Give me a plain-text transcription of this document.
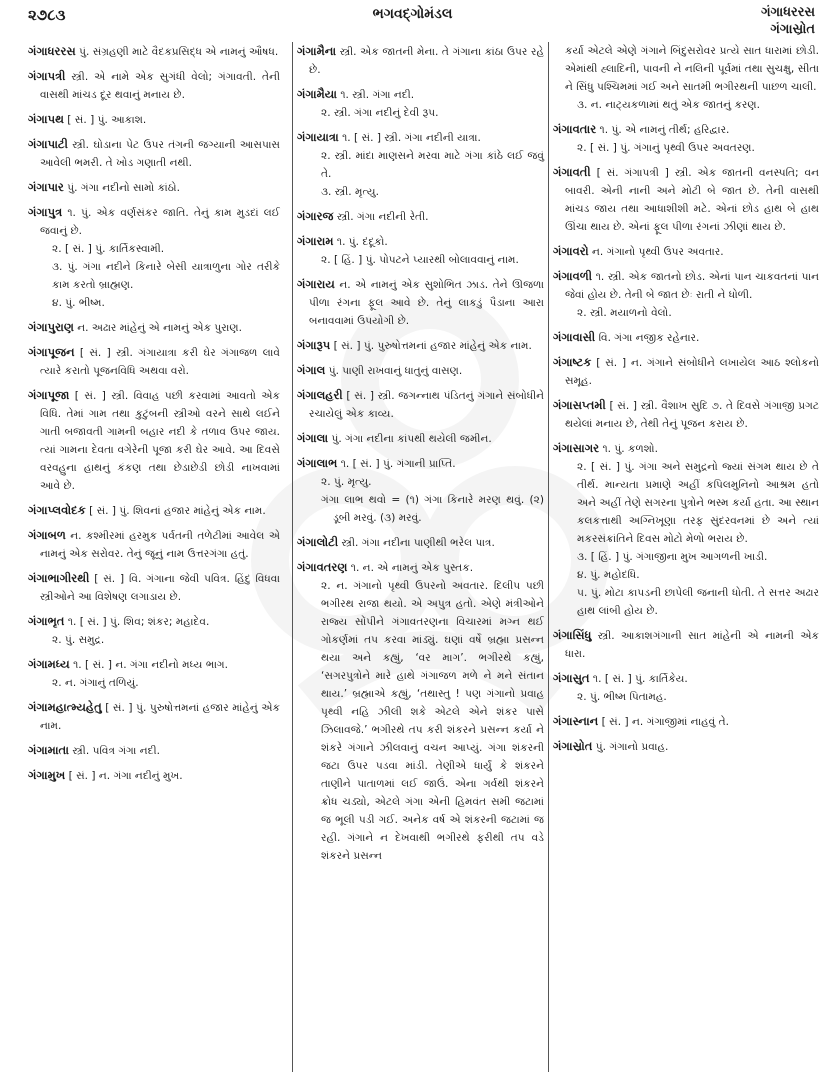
૨૭૮૩	ભગવદ્ગોમંડલ	ગંગાધરરસ
ગંગાસ્રોત
ગંગાધરરસ પું. સંગ્રહણી માટે વૈદકપ્રસિદ્ધ એ નામનું ઔષધ.
ગંગાપત્રી સ્ત્રી. એ નામે એક સુગંધી વેલો; ગંગાવતી. તેની વાસથી માંચડ દૂર થવાનું મનાય છે.
ગંગાપથ [ સં. ] પું. આકાશ.
ગંગાપાટી સ્ત્રી. ઘોડાના પેટ ઉપર તંગની જગ્યાની આસપાસ આવેલી ભમરી. તે ખોડ ગણાતી નથી.
ગંગાપાર પું. ગંગા નદીનો સામો કાંઠો.
ગંગાપુત્ર ૧. પું. એક વર્ણસંકર જાતિ. તેનું કામ મુડદાં લઈ જવાનું છે.
૨. [ સં. ] પું. કાર્તિકસ્વામી.
૩. પું. ગંગા નદીને કિનારે બેસી યાત્રાળુના ગોર તરીકે કામ કરતો બ્રાહ્મણ.
૪. પું. ભીષ્મ.
ગંગાપુરાણ ન. અઢાર માંહેનું એ નામનું એક પુરાણ.
ગંગાપૂજન [ સં. ] સ્ત્રી. ગંગાયાત્રા કરી ઘેર ગંગાજળ લાવે ત્યારે કરાતો પૂજનવિધિ અથવા વરો.
ગંગાપૂજા [ સં. ] સ્ત્રી. વિવાહ પછી કરવામાં આવતો એક વિધિ. તેમાં ગામ તથા કુટુંબની સ્ત્રીઓ વરને સાથે લઈને ગાતી બજાવતી ગામની બહાર નદી કે તળાવ ઉપર જાય. ત્યાં ગામના દેવતા વગેરેની પૂજા કરી ઘેર આવે. આ દિવસે વરવહુના હાથનું કંકણ તથા છેડાછેડી છોડી નાખવામાં આવે છે.
ગંગાપ્લવોદક [ સં. ] પું. શિવનાં હજાર માંહેનું એક નામ.
ગંગાબળ ન. કશ્મીરમાં હરમુક પર્વતની તળેટીમાં આવેલ એ નામનું એક સરોવર. તેનું જૂનું નામ ઉત્તરગંગા હતું.
ગંગાભાગીરથી [ સં. ] વિ. ગંગાના જેવી પવિત્ર. હિંદુ વિધવા સ્ત્રીઓને આ વિશેષણ લગાડાય છે.
ગંગાભૃત ૧. [ સં. ] પું. શિવ; શંકર; મહાદેવ.
૨. પું. સમુદ્ર.
ગંગામધ્ય ૧. [ સં. ] ન. ગંગા નદીનો મધ્ય ભાગ.
૨. ન. ગંગાનું તળિયું.
ગંગામહાત્મ્યહેતુ [ સં. ] પું. પુરુષોત્તમનાં હજાર માંહેનું એક નામ.
ગંગામાતા સ્ત્રી. પવિત્ર ગંગા નદી.
ગંગામુખ [ સં. ] ન. ગંગા નદીનું મુખ.
ગંગામૈના સ્ત્રી. એક જાતની મેના. તે ગંગાના કાંઠા ઉપર રહે છે.
ગંગામૈયા ૧. સ્ત્રી. ગંગા નદી.
૨. સ્ત્રી. ગંગા નદીનું દેવી રૂપ.
ગંગાયાત્રા ૧. [ સં. ] સ્ત્રી. ગંગા નદીની યાત્રા.
૨. સ્ત્રી. માંદા માણસને મરવા માટે ગંગા કાંઠે લઈ જવું તે.
૩. સ્ત્રી. મૃત્યુ.
ગંગારજ સ્ત્રી. ગંગા નદીની રેતી.
ગંગારામ ૧. પું. દંદૂકો.
૨. [ હિં. ] પું. પોપટને પ્યારથી બોલાવવાનું નામ.
ગંગારાય ન. એ નામનું એક સુશોભિત ઝાડ. તેને ઊજળા પીળા રંગના ફૂલ આવે છે. તેનું લાકડું પૈડાના આરા બનાવવામાં ઉપયોગી છે.
ગંગારૂપ [ સં. ] પું. પુરુષોત્તમનાં હજાર માંહેનું એક નામ.
ગંગાલ પું. પાણી રાખવાનું ધાતુનું વાસણ.
ગંગાલહરી [ સં. ] સ્ત્રી. જગન્નાથ પંડિતનું ગંગાને સંબોધીને રચાયેલું એક કાવ્ય.
ગંગાલા પું. ગંગા નદીના કાંપથી થયેલી જમીન.
ગંગાલાભ ૧. [ સં. ] પું. ગંગાની પ્રાપ્તિ.
૨. પું. મૃત્યુ.
ગંગા લાભ થવો = (૧) ગંગા કિનારે મરણ થવું. (૨) ડૂબી મરવું. (૩) મરવું.
ગંગાલોટી સ્ત્રી. ગંગા નદીના પાણીથી ભરેલ પાત્ર.
ગંગાવતરણ ૧. ન. એ નામનું એક પુસ્તક.
૨. ન. ગંગાનો પૃથ્વી ઉપરનો અવતાર. દિલીપ પછી ભગીરથ રાજા થયો. એ અપુત્ર હતો. એણે મંત્રીઓને રાજ્ય સોંપીને ગંગાવતરણના વિચારમાં મગ્ન થઈ ગોકર્ણમાં તપ કરવા માંડ્યું. ઘણાં વર્ષે બ્રહ્મા પ્રસન્ન થયા અને કહ્યું, ‘વર માગ’. ભગીરથે કહ્યું, ‘સગરપુત્રોને મારે હાથે ગંગાજળ મળે ને મને સંતાન થાય.’ બ્રહ્માએ કહ્યું, ‘તથાસ્તુ ! પણ ગંગાનો પ્રવાહ પૃથ્વી નહિ ઝીલી શકે એટલે એને શંકર પાસે ઝિલાવજે.’ ભગીરથે તપ કરી શંકરને પ્રસન્ન કર્યા ને શંકરે ગંગાને ઝીલવાનું વચન આપ્યું. ગંગા શંકરની જટા ઉપર પડવા માંડી. તેણીએ ધાર્યું કે શંકરને તાણીને પાતાળમાં લઈ જાઉં. એના ગર્વથી શંકરને ક્રોધ ચડ્યો, એટલે ગંગા એની હિમવંત સમી જટામાં જ ભૂલી પડી ગઈ. અનેક વર્ષ એ શંકરની જટામાં જ રહી. ગંગાને ન દેખવાથી ભગીરથે ફરીથી તપ વડે શંકરને પ્રસન્ન
કર્યા એટલે એણે ગંગાને બિંદુસરોવર પ્રત્યે સાત ધારામાં છોડી. એમાંથી હ્લાદિની, પાવની ને નલિની પૂર્વમાં તથા સુચક્ષુ, સીતા ને સિંધુ પશ્ચિમમાં ગઈ અને સાતમી ભગીરથની પાછળ ચાલી.
૩. ન. નાટ્યકળામાં થતું એક જાતનું કરણ.
ગંગાવતાર ૧. પું. એ નામનું તીર્થ; હરિદ્વાર.
૨. [ સં. ] પું. ગંગાનું પૃથ્વી ઉપર અવતરણ.
ગંગાવતી [ સં. ગંગાપત્રી ] સ્ત્રી. એક જાતની વનસ્પતિ; વન બાવરી. એની નાની અને મોટી બે જાત છે. તેની વાસથી માંચડ જાય તથા આધાશીશી મટે. એનાં છોડ હાથ બે હાથ ઊંચા થાય છે. એનાં ફૂલ પીળા રંગનાં ઝીણાં થાય છે.
ગંગાવરો ન. ગંગાનો પૃથ્વી ઉપર અવતાર.
ગંગાવળી ૧. સ્ત્રી. એક જાતનો છોડ. એનાં પાન ચાકવતનાં પાન જેવાં હોય છે. તેની બે જાત છેઃ રાતી ને ધોળી.
૨. સ્ત્રી. મયાળનો વેલો.
ગંગાવાસી વિ. ગંગા નજીક રહેનાર.
ગંગાષ્ટક [ સં. ] ન. ગંગાને સંબોધીને લખાયેલ આઠ શ્લોકનો સમૂહ.
ગંગાસપ્તમી [ સં. ] સ્ત્રી. વૈશાખ સુદિ ૭. તે દિવસે ગંગાજી પ્રગટ થયેલાં મનાય છે, તેથી તેનું પૂજન કરાય છે.
ગંગાસાગર ૧. પું. કળશો.
૨. [ સં. ] પું. ગંગા અને સમુદ્રનો જ્યાં સંગમ થાય છે તે તીર્થ. માન્યતા પ્રમાણે અહીં કપિલમુનિનો આશ્રમ હતો અને અહીં તેણે સગરના પુત્રોને ભસ્મ કર્યા હતા. આ સ્થાન કલકત્તાથી અગ્નિખૂણા તરફ સુંદરવનમાં છે અને ત્યાં મકરસંક્રાંતિને દિવસ મોટો મેળો ભરાય છે.
૩. [ હિં. ] પું. ગંગાજીના મુખ આગળની ખાડી.
૪. પું. મહોદધિ.
૫. પું. મોટા કાપડની છાપેલી જનાની ધોતી. તે સત્તર અઢાર હાથ લાંબી હોય છે.
ગંગાસિંધુ સ્ત્રી. આકાશગંગાની સાત માંહેની એ નામની એક ધારા.
ગંગાસુત ૧. [ સં. ] પું. કાર્તિકેય.
૨. પું. ભીષ્મ પિતામહ.
ગંગાસ્નાન [ સં. ] ન. ગંગાજીમાં નાહવું તે.
ગંગાસ્રોત પું. ગંગાનો પ્રવાહ.
